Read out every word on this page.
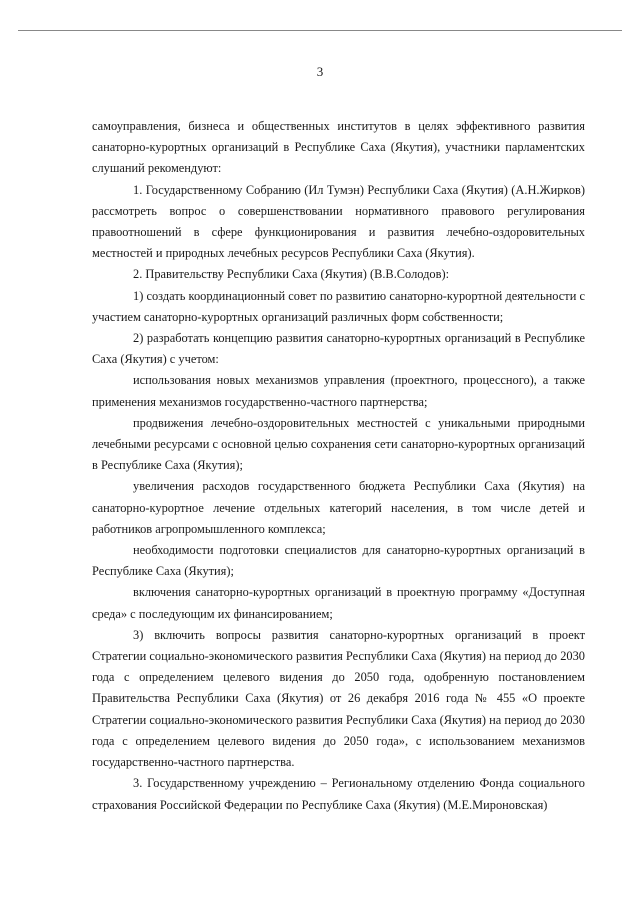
3

самоуправления, бизнеса и общественных институтов в целях эффективного развития санаторно-курортных организаций в Республике Саха (Якутия), участники парламентских слушаний рекомендуют:

1. Государственному Собранию (Ил Тумэн) Республики Саха (Якутия) (А.Н.Жирков) рассмотреть вопрос о совершенствовании нормативного правового регулирования правоотношений в сфере функционирования и развития лечебно-оздоровительных местностей и природных лечебных ресурсов Республики Саха (Якутия).

2. Правительству Республики Саха (Якутия) (В.В.Солодов):

1) создать координационный совет по развитию санаторно-курортной деятельности с участием санаторно-курортных организаций различных форм собственности;

2) разработать концепцию развития санаторно-курортных организаций в Республике Саха (Якутия) с учетом:

использования новых механизмов управления (проектного, процессного), а также применения механизмов государственно-частного партнерства;

продвижения лечебно-оздоровительных местностей с уникальными природными лечебными ресурсами с основной целью сохранения сети санаторно-курортных организаций в Республике Саха (Якутия);

увеличения расходов государственного бюджета Республики Саха (Якутия) на санаторно-курортное лечение отдельных категорий населения, в том числе детей и работников агропромышленного комплекса;

необходимости подготовки специалистов для санаторно-курортных организаций в Республике Саха (Якутия);

включения санаторно-курортных организаций в проектную программу «Доступная среда» с последующим их финансированием;

3) включить вопросы развития санаторно-курортных организаций в проект Стратегии социально-экономического развития Республики Саха (Якутия) на период до 2030 года с определением целевого видения до 2050 года, одобренную постановлением Правительства Республики Саха (Якутия) от 26 декабря 2016 года № 455 «О проекте Стратегии социально-экономического развития Республики Саха (Якутия) на период до 2030 года с определением целевого видения до 2050 года», с использованием механизмов государственно-частного партнерства.

3. Государственному учреждению – Региональному отделению Фонда социального страхования Российской Федерации по Республике Саха (Якутия) (М.Е.Мироновская)
